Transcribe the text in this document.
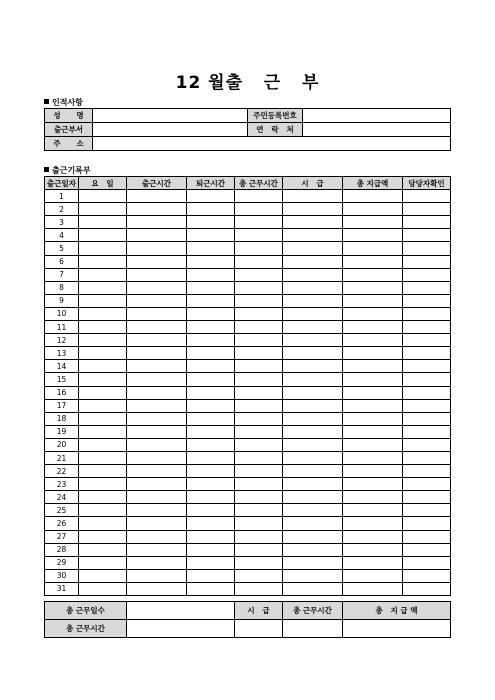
12 월출   근   부
인적사항
성      명		주민등록번호	
출근부서		연   락   처	
주      소			
출근기록부
출근일자	요   일	출근시간	퇴근시간	총 근무시간	시   급	총 지급액	담당자확인
1							
2							
3							
4							
5							
6							
7							
8							
9							
10							
11							
12							
13							
14							
15							
16							
17							
18							
19							
20							
21							
22							
23							
24							
25							
26							
27							
28							
29							
30							
31							
총 근무일수		시   급	총 근무시간	총   지 급 액
총 근무시간				
